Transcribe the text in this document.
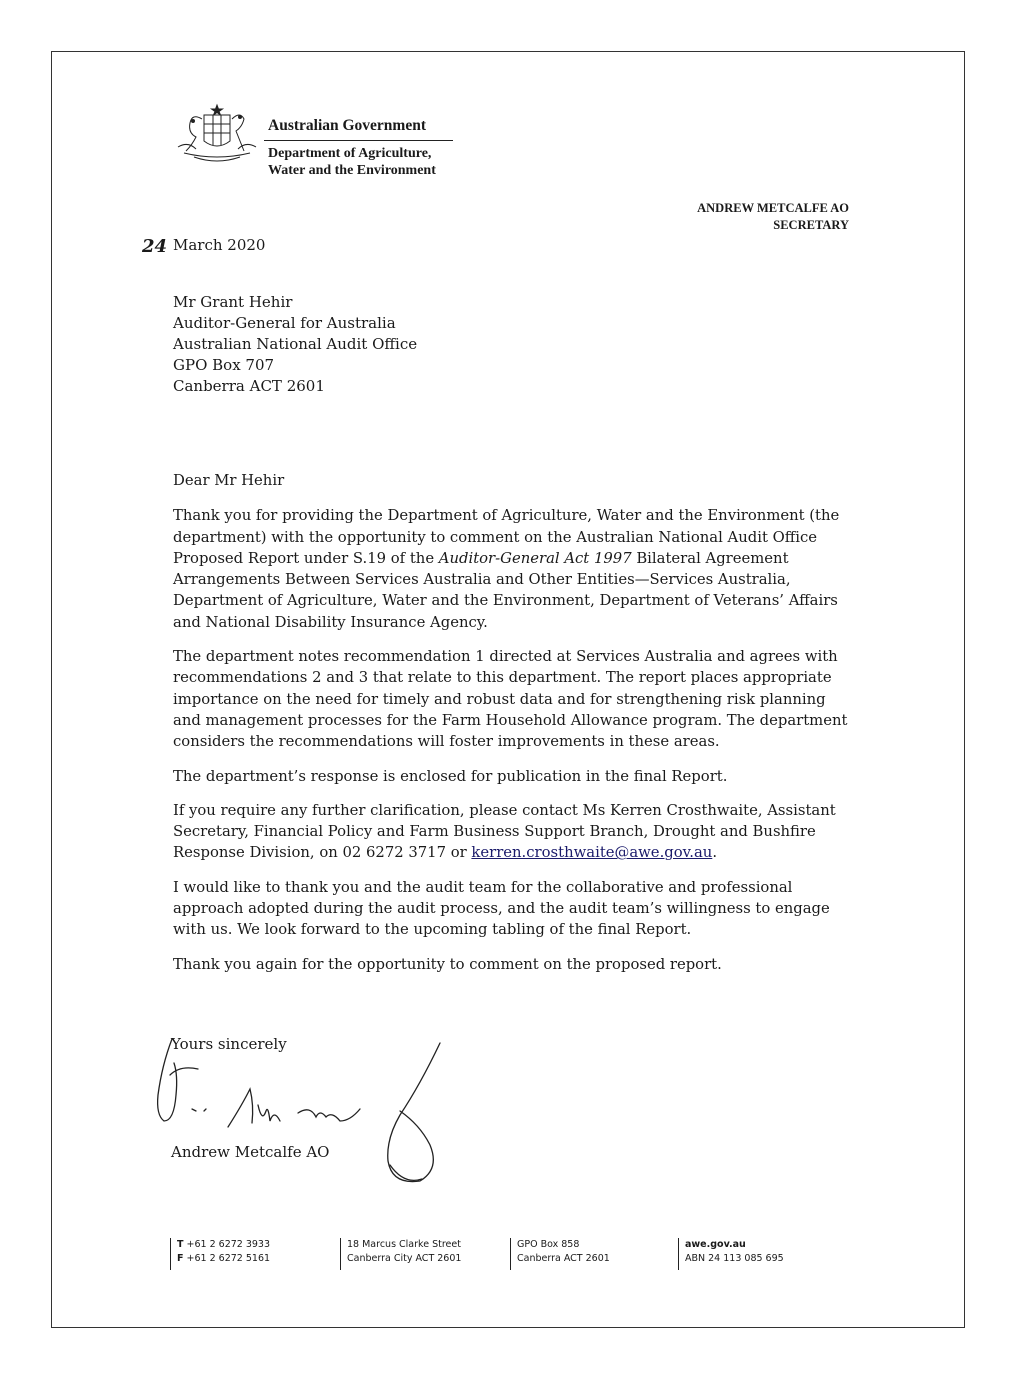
Australian Government
Department of Agriculture,
Water and the Environment
ANDREW METCALFE AO
SECRETARY
24 March 2020
Mr Grant Hehir
Auditor-General for Australia
Australian National Audit Office
GPO Box 707
Canberra ACT 2601

Dear Mr Hehir

Thank you for providing the Department of Agriculture, Water and the Environment (the department) with the opportunity to comment on the Australian National Audit Office Proposed Report under S.19 of the Auditor-General Act 1997 Bilateral Agreement Arrangements Between Services Australia and Other Entities—Services Australia, Department of Agriculture, Water and the Environment, Department of Veterans’ Affairs and National Disability Insurance Agency.

The department notes recommendation 1 directed at Services Australia and agrees with recommendations 2 and 3 that relate to this department. The report places appropriate importance on the need for timely and robust data and for strengthening risk planning and management processes for the Farm Household Allowance program. The department considers the recommendations will foster improvements in these areas.

The department’s response is enclosed for publication in the final Report.

If you require any further clarification, please contact Ms Kerren Crosthwaite, Assistant Secretary, Financial Policy and Farm Business Support Branch, Drought and Bushfire Response Division, on 02 6272 3717 or kerren.crosthwaite@awe.gov.au.

I would like to thank you and the audit team for the collaborative and professional approach adopted during the audit process, and the audit team’s willingness to engage with us. We look forward to the upcoming tabling of the final Report.

Thank you again for the opportunity to comment on the proposed report.

Yours sincerely
Andrew Metcalfe AO
T +61 2 6272 3933
F +61 2 6272 5161
18 Marcus Clarke Street
Canberra City ACT 2601
GPO Box 858
Canberra ACT 2601
awe.gov.au
ABN 24 113 085 695
